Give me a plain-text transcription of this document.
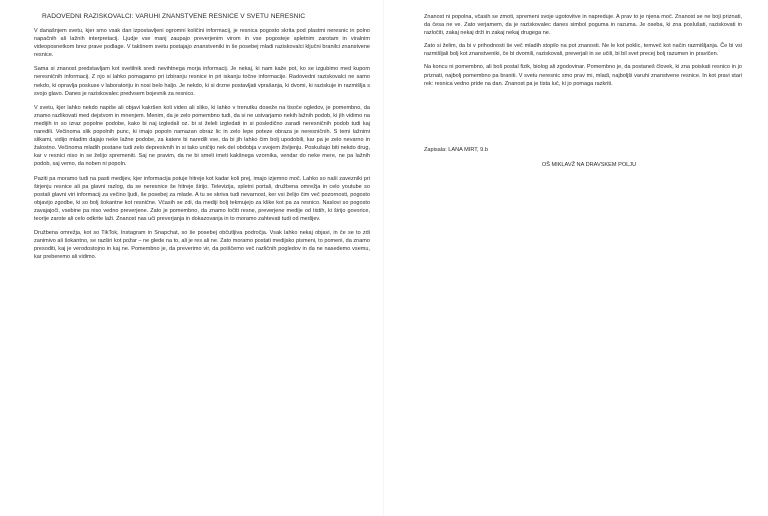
RADOVEDNI RAZISKOVALCI: VARUHI ZNANSTVENE RESNICE V SVETU NERESNIC

V današnjem svetu, kjer smo vsak dan izpostavljeni ogromni količini informacij, je resnica pogosto skrita pod plastmi neresnic in polno napačnih ali lažnih interpretacij. Ljudje vse manj zaupajo preverjenim virom in vse pogosteje spletnim zarotam in viralnim videoposnetkom brez prave podlage. V takšnem svetu postajajo znanstveniki in še posebej mladi raziskovalci ključni branilci znanstvene resnice.

Sama si znanost predstavljam kot svetilnik sredi nevihtnega morja informacij. Je nekaj, ki nam kaže pot, ko se izgubimo med kupom neresničnih informacij. Z njo si lahko pomagamo pri izbiranju resnice in pri iskanju točne informacije. Radovedni raziskovalci ne samo nekdo, ki opravlja poskuse v laboratoriju in nosi belo haljo. Je nekdo, ki si drzne postavljati vprašanja, ki dvomi, ki raziskuje in razmišlja s svojo glavo. Danes je raziskovalec predvsem bojevnik za resnico.

V svetu, kjer lahko nekdo napiše ali objavi kakršen koli video ali sliko, ki lahko v trenutku doseže na tisoče ogledov, je pomembno, da znamo razlikovati med dejstvom in mnenjem. Menim, da je zelo pomembno tudi, da si ne ustvarjamo nekih lažnih podob, ki jih vidimo na medijih in so izraz popolne podobe, kako bi naj izgledali oz. bi si želeli izgledati in si posledično zaradi neresničnih podob tudi kaj naredili. Večinoma slik popolnih punc, ki imajo popoln namazan obraz lic in zelo lepe poteze obraza je neresničnih. S temi lažnimi slikami, vidijo mladim dajajo neke lažne podobe, za katere bi naredili vse, da bi jih lahko čim bolj upodobili, kar pa je zelo nevarno in žalostno. Večinoma mladih postane tudi zelo depresivnih in si tako uničijo nek del obdobja v svojem življenju. Poskušajo biti nekdo drug, kar v resnici niso in se želijo spremeniti. Saj ne pravim, da ne bi smeli imeti kakšnega vzornika, vendar do neke mere, ne pa lažnih podob, saj vemo, da noben ni popoln.

Paziti pa moramo tudi na pasti medijev, kjer informacija potuje hitreje kot kadar koli prej, imajo izjemno moč. Lahko so naši zavezniki pri širjenju resnice ali pa glavni razlog, da se neresnice še hitreje širijo. Televizija, spletni portali, družbena omrežja in celo youtube so postali glavni viri informacij za večino ljudi, še posebej za mlade. A tu se skriva tudi nevarnost, ker vsi želijo čim več pozornosti, pogosto objavijo zgodbe, ki so bolj šokantne kot resnične. Včasih se zdi, da mediji bolj tekmujejo za klike kot pa za resnico. Naslovi so pogosto zavajajoči, vsebine pa niso vedno preverjene. Zato je pomembno, da znamo ločiti resne, preverjene medije od tistih, ki širijo govorice, teorije zarote ali celo odkrite laži. Znanost nas uči preverjanja in dokazovanja in to moramo zahtevati tudi od medijev.

Družbena omrežja, kot so TikTok, Instagram in Snapchat, so še posebej občutljiva področja. Vsak lahko nekaj objavi, in če se to zdi zanimivo ali šokantno, se razširi kot požar – ne glede na to, ali je res ali ne. Zato moramo postati medijsko pismeni, to pomeni, da znamo presoditi, kaj je verodostojno in kaj ne. Pomembno je, da preverimo vir, da poiščemo več različnih pogledov in da ne nasedemo vsemu, kar preberemo ali vidimo.

Znanost ni popolna, včasih se zmoti, spremeni svoje ugotovitve in napreduje. A prav to je njena moč. Znanost se ne boji priznati, da česa ne ve. Zato verjamem, da je raziskovalec danes simbol poguma in razuma. Je oseba, ki zna poslušati, raziskovati in razločiti, zakaj nekaj drži in zakaj nekaj drugega ne.

Zato si želim, da bi v prihodnosti še več mladih stopilo na pot znanosti. Ne le kot poklic, temveč kot način razmišljanja. Če bi vsi razmišljali bolj kot znanstveniki, če bi dvomili, raziskovali, preverjali in se učili, bi bil svet precej bolj razumen in pravičen.

Na koncu ni pomembno, ali boš postal fizik, biolog ali zgodovinar. Pomembno je, da postaneš človek, ki zna poiskati resnico in jo priznati, najbolj pomembno pa braniti. V svetu neresnic smo prav mi, mladi, najboljši varuhi znanstvene resnice. In kot pravi stari rek: resnica vedno pride na dan. Znanost pa je tista luč, ki jo pomaga razkriti.

Zapisala: LANA MIRT, 9.b
OŠ MIKLAVŽ NA DRAVSKEM POLJU
